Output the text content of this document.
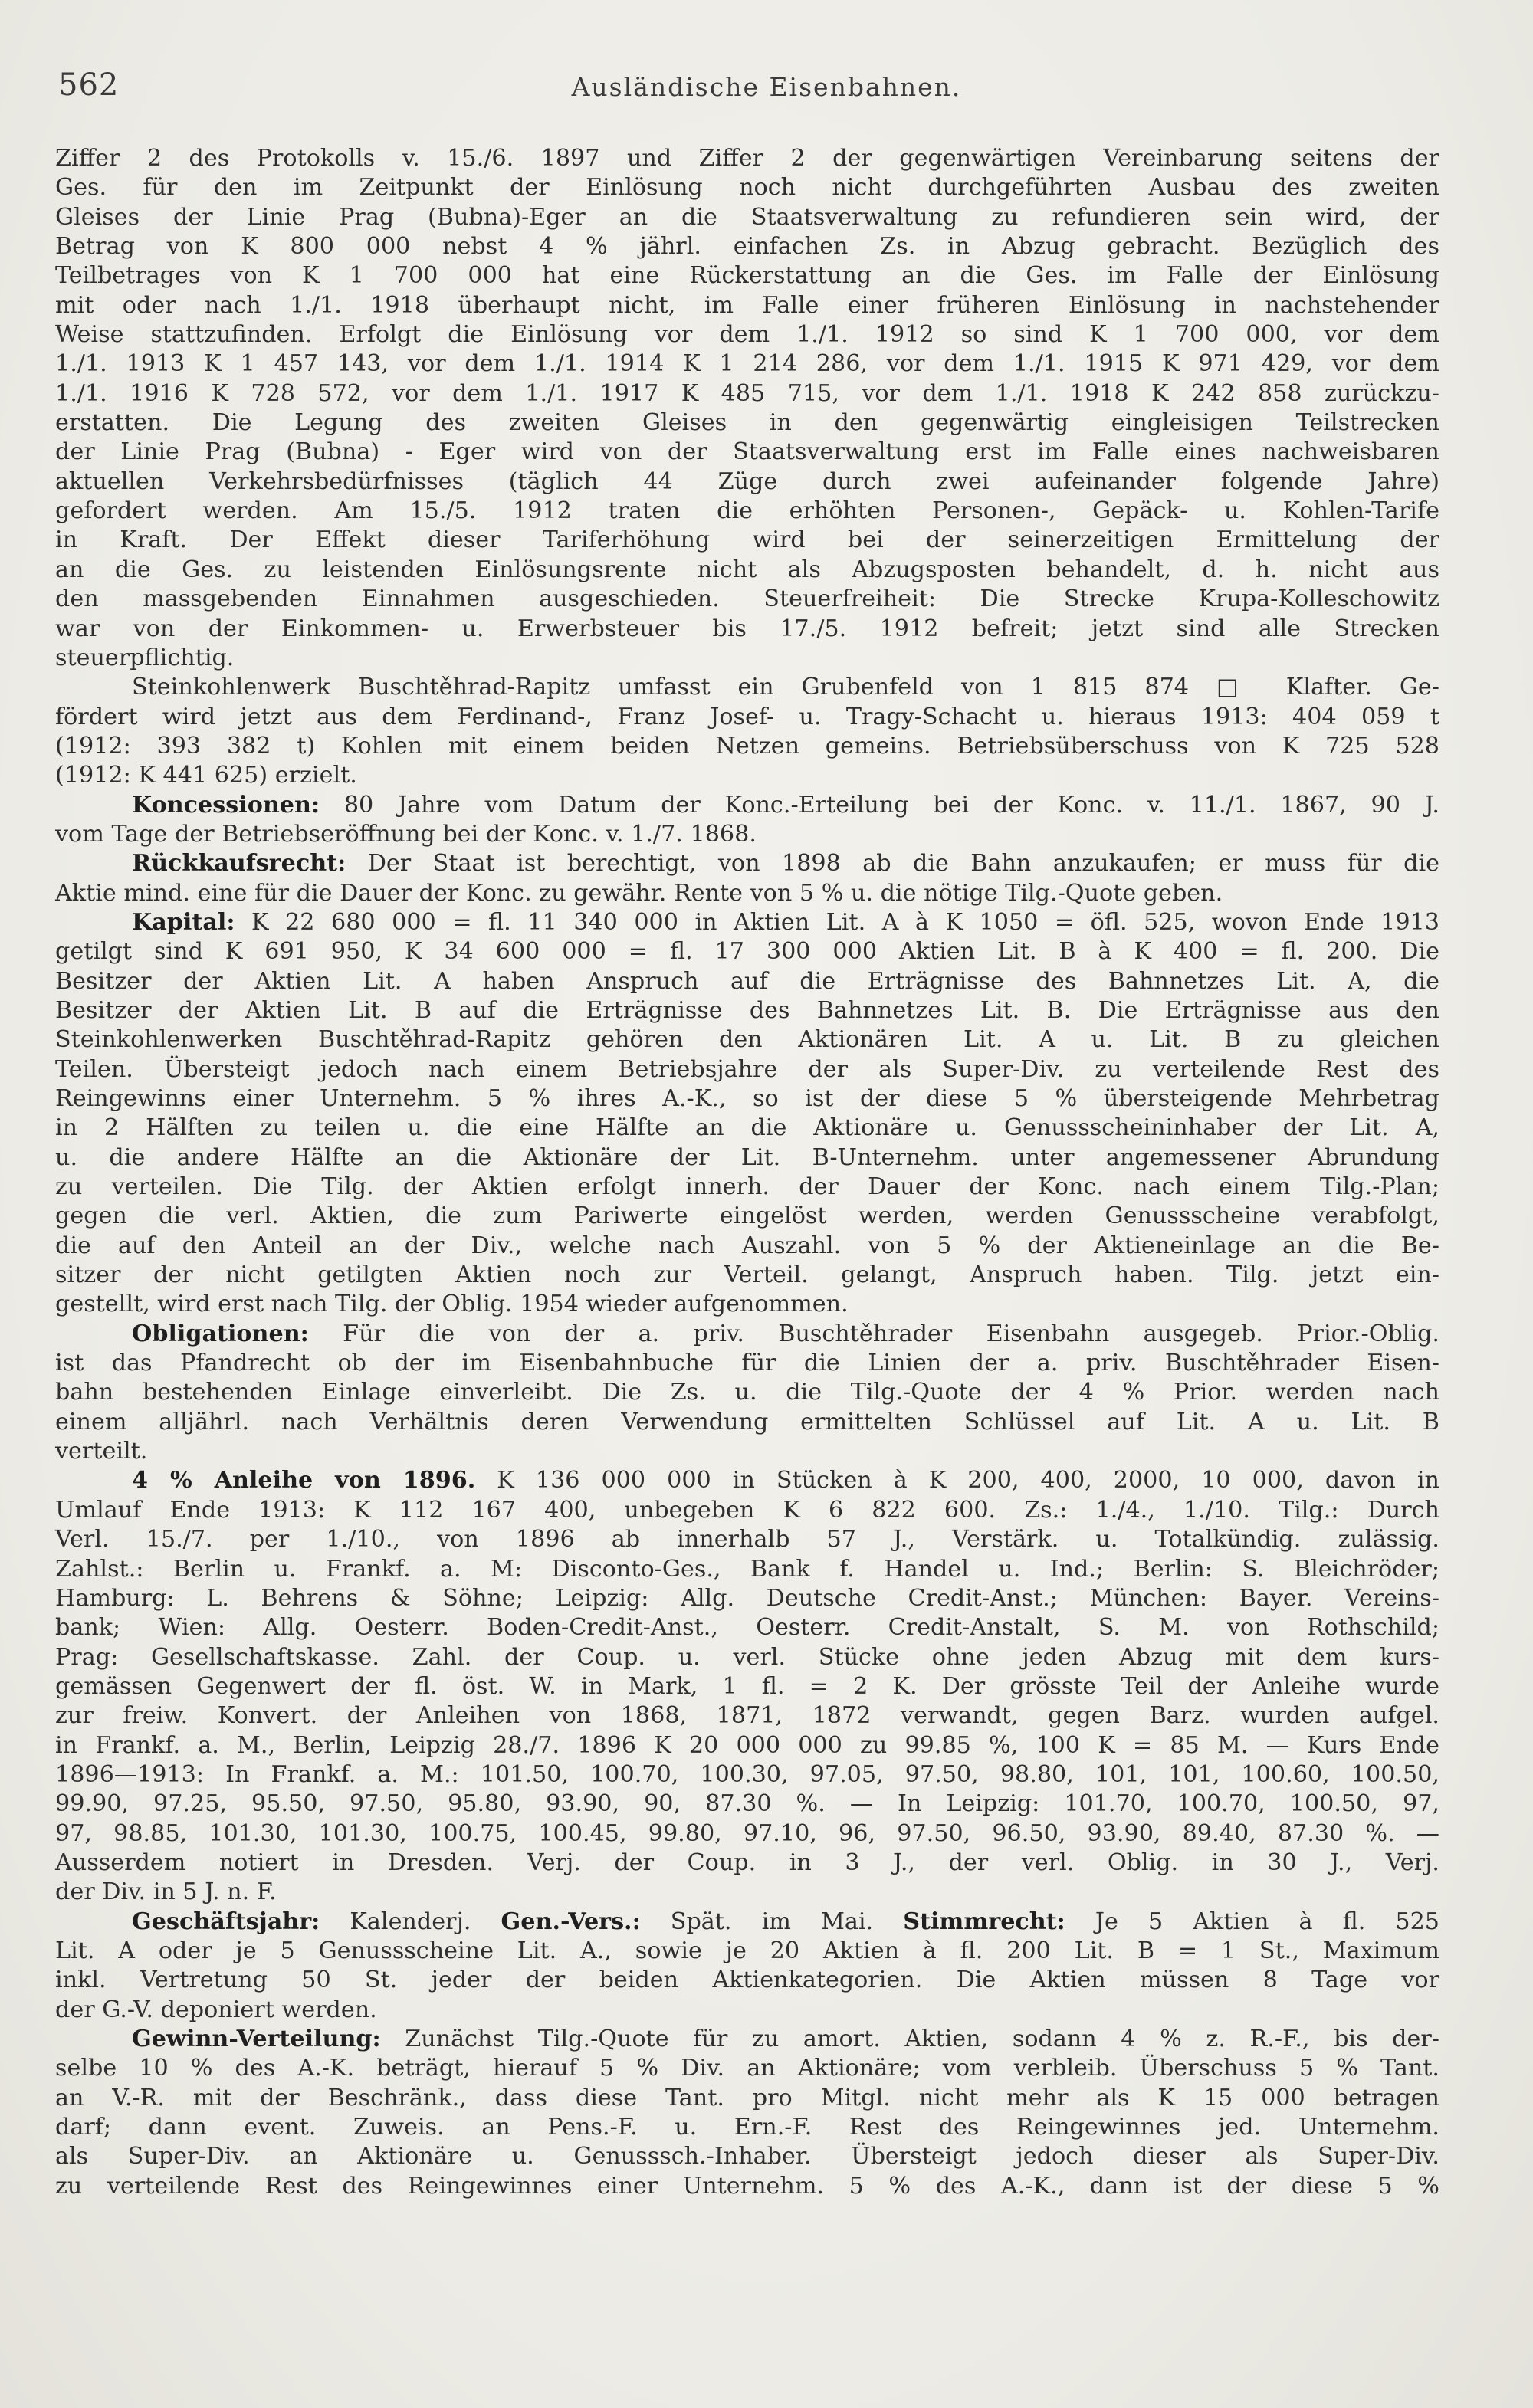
562	Ausländische Eisenbahnen.
Ziffer 2 des Protokolls v. 15./6. 1897 und Ziffer 2 der gegenwärtigen Vereinbarung seitens der
Ges. für den im Zeitpunkt der Einlösung noch nicht durchgeführten Ausbau des zweiten
Gleises der Linie Prag (Bubna)-Eger an die Staatsverwaltung zu refundieren sein wird, der
Betrag von K 800 000 nebst 4 % jährl. einfachen Zs. in Abzug gebracht. Bezüglich des
Teilbetrages von K 1 700 000 hat eine Rückerstattung an die Ges. im Falle der Einlösung
mit oder nach 1./1. 1918 überhaupt nicht, im Falle einer früheren Einlösung in nachstehender
Weise stattzufinden. Erfolgt die Einlösung vor dem 1./1. 1912 so sind K 1 700 000, vor dem
1./1. 1913 K 1 457 143, vor dem 1./1. 1914 K 1 214 286, vor dem 1./1. 1915 K 971 429, vor dem
1./1. 1916 K 728 572, vor dem 1./1. 1917 K 485 715, vor dem 1./1. 1918 K 242 858 zurückzu-
erstatten. Die Legung des zweiten Gleises in den gegenwärtig eingleisigen Teilstrecken
der Linie Prag (Bubna) - Eger wird von der Staatsverwaltung erst im Falle eines nachweisbaren
aktuellen Verkehrsbedürfnisses (täglich 44 Züge durch zwei aufeinander folgende Jahre)
gefordert werden. Am 15./5. 1912 traten die erhöhten Personen-, Gepäck- u. Kohlen-Tarife
in Kraft. Der Effekt dieser Tariferhöhung wird bei der seinerzeitigen Ermittelung der
an die Ges. zu leistenden Einlösungsrente nicht als Abzugsposten behandelt, d. h. nicht aus
den massgebenden Einnahmen ausgeschieden. Steuerfreiheit: Die Strecke Krupa-Kolleschowitz
war von der Einkommen- u. Erwerbsteuer bis 17./5. 1912 befreit; jetzt sind alle Strecken
steuerpflichtig.
Steinkohlenwerk Buschtěhrad-Rapitz umfasst ein Grubenfeld von 1 815 874 □ Klafter. Ge-
fördert wird jetzt aus dem Ferdinand-, Franz Josef- u. Tragy-Schacht u. hieraus 1913: 404 059 t
(1912: 393 382 t) Kohlen mit einem beiden Netzen gemeins. Betriebsüberschuss von K 725 528
(1912: K 441 625) erzielt.
Koncessionen: 80 Jahre vom Datum der Konc.-Erteilung bei der Konc. v. 11./1. 1867, 90 J.
vom Tage der Betriebseröffnung bei der Konc. v. 1./7. 1868.
Rückkaufsrecht: Der Staat ist berechtigt, von 1898 ab die Bahn anzukaufen; er muss für die
Aktie mind. eine für die Dauer der Konc. zu gewähr. Rente von 5 % u. die nötige Tilg.-Quote geben.
Kapital: K 22 680 000 = fl. 11 340 000 in Aktien Lit. A à K 1050 = öfl. 525, wovon Ende 1913
getilgt sind K 691 950, K 34 600 000 = fl. 17 300 000 Aktien Lit. B à K 400 = fl. 200. Die
Besitzer der Aktien Lit. A haben Anspruch auf die Erträgnisse des Bahnnetzes Lit. A, die
Besitzer der Aktien Lit. B auf die Erträgnisse des Bahnnetzes Lit. B. Die Erträgnisse aus den
Steinkohlenwerken Buschtěhrad-Rapitz gehören den Aktionären Lit. A u. Lit. B zu gleichen
Teilen. Übersteigt jedoch nach einem Betriebsjahre der als Super-Div. zu verteilende Rest des
Reingewinns einer Unternehm. 5 % ihres A.-K., so ist der diese 5 % übersteigende Mehrbetrag
in 2 Hälften zu teilen u. die eine Hälfte an die Aktionäre u. Genussscheininhaber der Lit. A,
u. die andere Hälfte an die Aktionäre der Lit. B-Unternehm. unter angemessener Abrundung
zu verteilen. Die Tilg. der Aktien erfolgt innerh. der Dauer der Konc. nach einem Tilg.-Plan;
gegen die verl. Aktien, die zum Pariwerte eingelöst werden, werden Genussscheine verabfolgt,
die auf den Anteil an der Div., welche nach Auszahl. von 5 % der Aktieneinlage an die Be-
sitzer der nicht getilgten Aktien noch zur Verteil. gelangt, Anspruch haben. Tilg. jetzt ein-
gestellt, wird erst nach Tilg. der Oblig. 1954 wieder aufgenommen.
Obligationen: Für die von der a. priv. Buschtěhrader Eisenbahn ausgegeb. Prior.-Oblig.
ist das Pfandrecht ob der im Eisenbahnbuche für die Linien der a. priv. Buschtěhrader Eisen-
bahn bestehenden Einlage einverleibt. Die Zs. u. die Tilg.-Quote der 4 % Prior. werden nach
einem alljährl. nach Verhältnis deren Verwendung ermittelten Schlüssel auf Lit. A u. Lit. B
verteilt.
4 % Anleihe von 1896. K 136 000 000 in Stücken à K 200, 400, 2000, 10 000, davon in
Umlauf Ende 1913: K 112 167 400, unbegeben K 6 822 600. Zs.: 1./4., 1./10. Tilg.: Durch
Verl. 15./7. per 1./10., von 1896 ab innerhalb 57 J., Verstärk. u. Totalkündig. zulässig.
Zahlst.: Berlin u. Frankf. a. M: Disconto-Ges., Bank f. Handel u. Ind.; Berlin: S. Bleichröder;
Hamburg: L. Behrens & Söhne; Leipzig: Allg. Deutsche Credit-Anst.; München: Bayer. Vereins-
bank; Wien: Allg. Oesterr. Boden-Credit-Anst., Oesterr. Credit-Anstalt, S. M. von Rothschild;
Prag: Gesellschaftskasse. Zahl. der Coup. u. verl. Stücke ohne jeden Abzug mit dem kurs-
gemässen Gegenwert der fl. öst. W. in Mark, 1 fl. = 2 K. Der grösste Teil der Anleihe wurde
zur freiw. Konvert. der Anleihen von 1868, 1871, 1872 verwandt, gegen Barz. wurden aufgel.
in Frankf. a. M., Berlin, Leipzig 28./7. 1896 K 20 000 000 zu 99.85 %, 100 K = 85 M. — Kurs Ende
1896—1913: In Frankf. a. M.: 101.50, 100.70, 100.30, 97.05, 97.50, 98.80, 101, 101, 100.60, 100.50,
99.90, 97.25, 95.50, 97.50, 95.80, 93.90, 90, 87.30 %. — In Leipzig: 101.70, 100.70, 100.50, 97,
97, 98.85, 101.30, 101.30, 100.75, 100.45, 99.80, 97.10, 96, 97.50, 96.50, 93.90, 89.40, 87.30 %. —
Ausserdem notiert in Dresden. Verj. der Coup. in 3 J., der verl. Oblig. in 30 J., Verj.
der Div. in 5 J. n. F.
Geschäftsjahr: Kalenderj. Gen.-Vers.: Spät. im Mai. Stimmrecht: Je 5 Aktien à fl. 525
Lit. A oder je 5 Genussscheine Lit. A., sowie je 20 Aktien à fl. 200 Lit. B = 1 St., Maximum
inkl. Vertretung 50 St. jeder der beiden Aktienkategorien. Die Aktien müssen 8 Tage vor
der G.-V. deponiert werden.
Gewinn-Verteilung: Zunächst Tilg.-Quote für zu amort. Aktien, sodann 4 % z. R.-F., bis der-
selbe 10 % des A.-K. beträgt, hierauf 5 % Div. an Aktionäre; vom verbleib. Überschuss 5 % Tant.
an V.-R. mit der Beschränk., dass diese Tant. pro Mitgl. nicht mehr als K 15 000 betragen
darf; dann event. Zuweis. an Pens.-F. u. Ern.-F. Rest des Reingewinnes jed. Unternehm.
als Super-Div. an Aktionäre u. Genusssch.-Inhaber. Übersteigt jedoch dieser als Super-Div.
zu verteilende Rest des Reingewinnes einer Unternehm. 5 % des A.-K., dann ist der diese 5 %
